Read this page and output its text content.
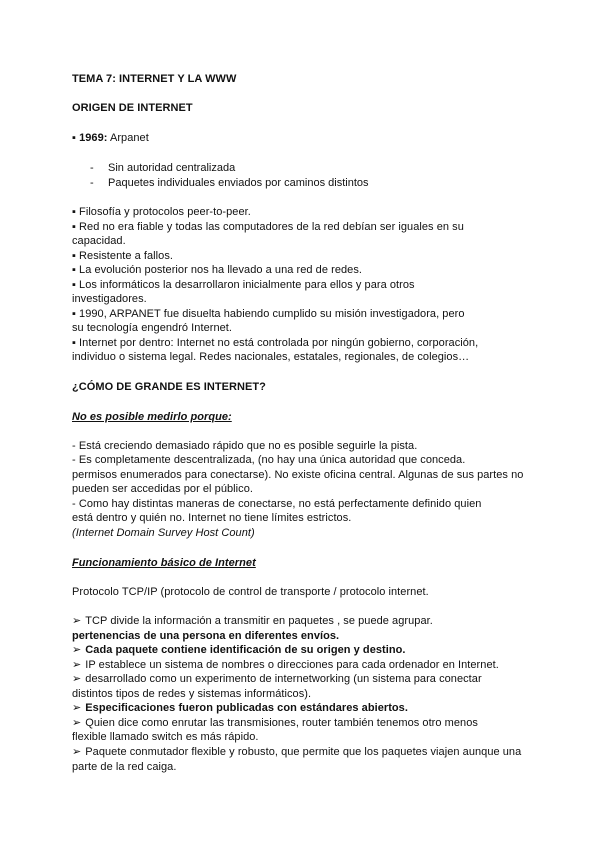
TEMA 7: INTERNET Y LA WWW
ORIGEN DE INTERNET
▪ 1969: Arpanet
- Sin autoridad centralizada
- Paquetes individuales enviados por caminos distintos
▪ Filosofía y protocolos peer-to-peer.
▪ Red no era fiable y todas las computadores de la red debían ser iguales en su
capacidad.
▪ Resistente a fallos.
▪ La evolución posterior nos ha llevado a una red de redes.
▪ Los informáticos la desarrollaron inicialmente para ellos y para otros
investigadores.
▪ 1990, ARPANET fue disuelta habiendo cumplido su misión investigadora, pero
su tecnología engendró Internet.
▪ Internet por dentro: Internet no está controlada por ningún gobierno, corporación,
individuo o sistema legal. Redes nacionales, estatales, regionales, de colegios…
¿CÓMO DE GRANDE ES INTERNET?
No es posible medirlo porque:
- Está creciendo demasiado rápido que no es posible seguirle la pista.
- Es completamente descentralizada, (no hay una única autoridad que conceda.
permisos enumerados para conectarse). No existe oficina central. Algunas de sus partes no
pueden ser accedidas por el público.
- Como hay distintas maneras de conectarse, no está perfectamente definido quien
está dentro y quién no. Internet no tiene límites estrictos.
(Internet Domain Survey Host Count)
Funcionamiento básico de Internet
Protocolo TCP/IP (protocolo de control de transporte / protocolo internet.
➢ TCP divide la información a transmitir en paquetes , se puede agrupar.
pertenencias de una persona en diferentes envíos.
➢ Cada paquete contiene identificación de su origen y destino.
➢ IP establece un sistema de nombres o direcciones para cada ordenador en Internet.
➢ desarrollado como un experimento de internetworking (un sistema para conectar
distintos tipos de redes y sistemas informáticos).
➢ Especificaciones fueron publicadas con estándares abiertos.
➢ Quien dice como enrutar las transmisiones, router también tenemos otro menos
flexible llamado switch es más rápido.
➢ Paquete conmutador flexible y robusto, que permite que los paquetes viajen aunque una
parte de la red caiga.
